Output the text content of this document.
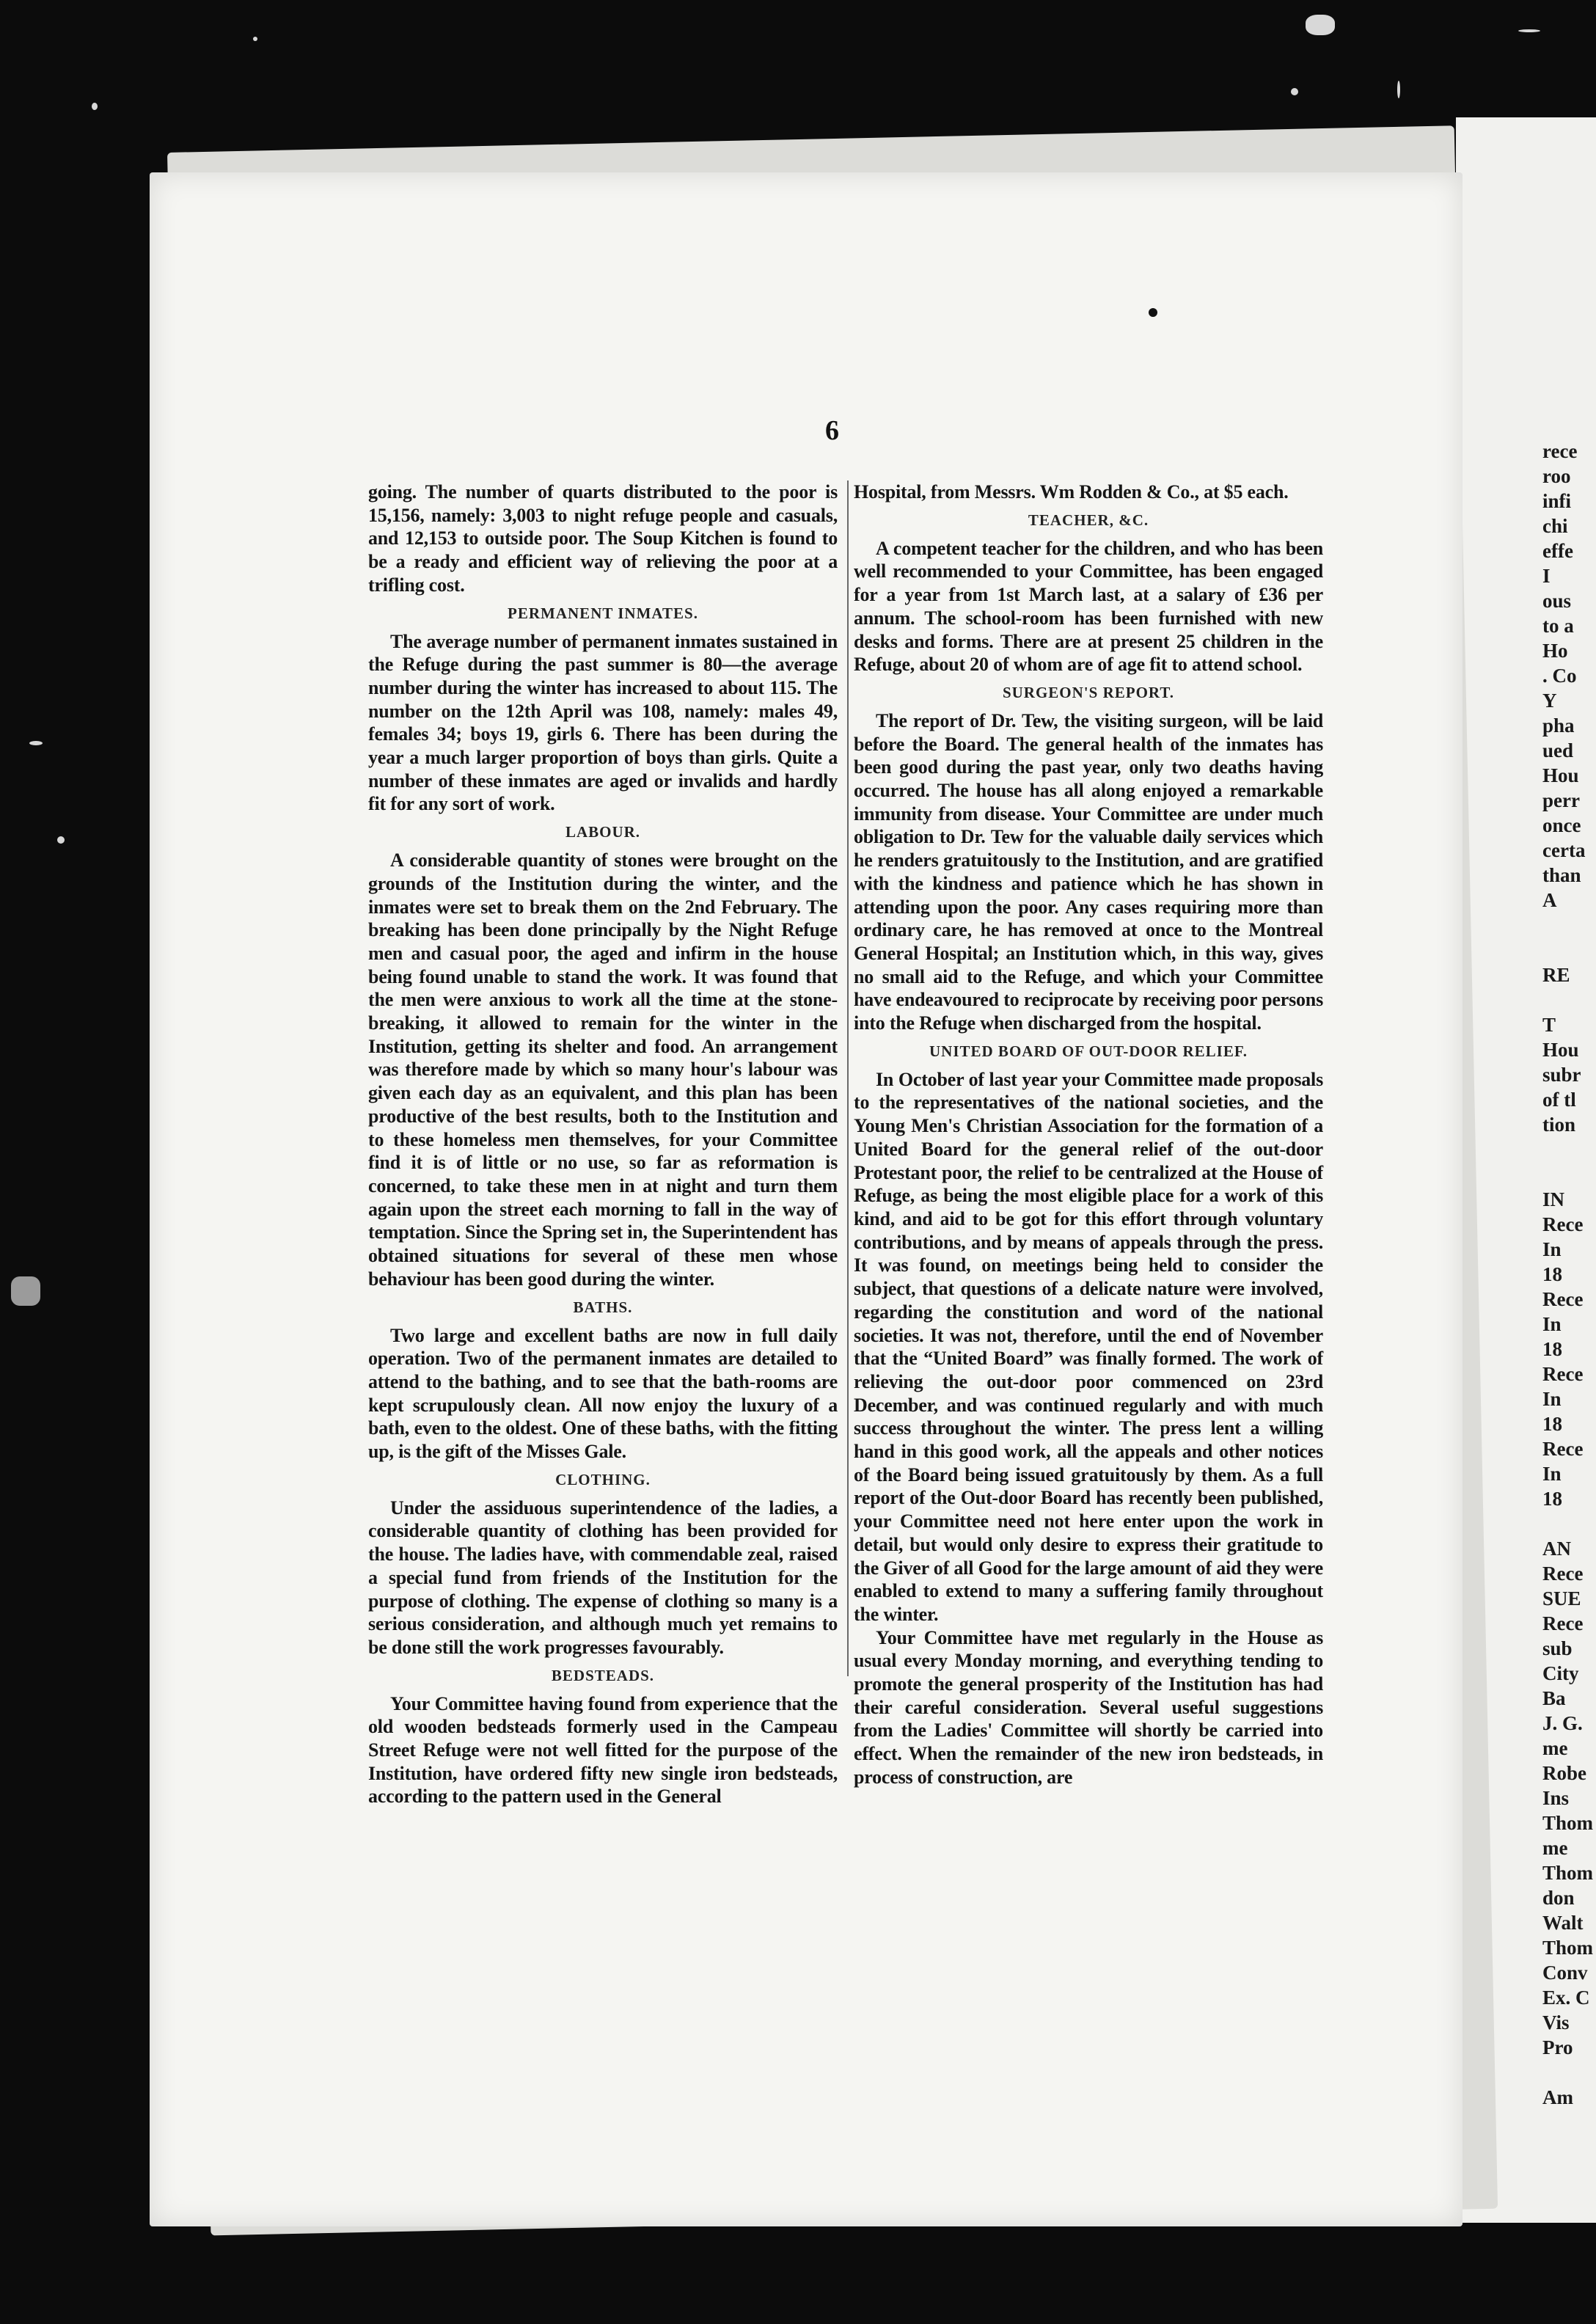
rece
roo
infi
chi
effe
I
ous
to a
Ho
. Co
Y
pha
ued
Hou
perr
once
certa
than
A
RE
T
Hou
subr
of tl
tion
IN
Rece
In
18
Rece
In
18
Rece
In
18
Rece
In
18
AN
Rece
SUE
Rece
sub
City
Ba
J. G.
me
Robe
Ins
Thom
me
Thom
don
Walt
Thom
Conv
Ex. C
Vis
Pro
Am
6

going. The number of quarts distributed to the poor is 15,156, namely: 3,003 to night refuge people and casuals, and 12,153 to outside poor. The Soup Kitchen is found to be a ready and efficient way of relieving the poor at a trifling cost.

PERMANENT INMATES.

The average number of permanent inmates sustained in the Refuge during the past summer is 80—the average number during the winter has increased to about 115. The number on the 12th April was 108, namely: males 49, females 34; boys 19, girls 6. There has been during the year a much larger proportion of boys than girls. Quite a number of these inmates are aged or invalids and hardly fit for any sort of work.

LABOUR.

A considerable quantity of stones were brought on the grounds of the Institution during the winter, and the inmates were set to break them on the 2nd February. The breaking has been done principally by the Night Refuge men and casual poor, the aged and infirm in the house being found unable to stand the work. It was found that the men were anxious to work all the time at the stone-breaking, it allowed to remain for the winter in the Institution, getting its shelter and food. An arrangement was therefore made by which so many hour's labour was given each day as an equivalent, and this plan has been productive of the best results, both to the Institution and to these homeless men themselves, for your Committee find it is of little or no use, so far as reformation is concerned, to take these men in at night and turn them again upon the street each morning to fall in the way of temptation. Since the Spring set in, the Superintendent has obtained situations for several of these men whose behaviour has been good during the winter.

BATHS.

Two large and excellent baths are now in full daily operation. Two of the permanent inmates are detailed to attend to the bathing, and to see that the bath-rooms are kept scrupulously clean. All now enjoy the luxury of a bath, even to the oldest. One of these baths, with the fitting up, is the gift of the Misses Gale.

CLOTHING.

Under the assiduous superintendence of the ladies, a considerable quantity of clothing has been provided for the house. The ladies have, with commendable zeal, raised a special fund from friends of the Institution for the purpose of clothing. The expense of clothing so many is a serious consideration, and although much yet remains to be done still the work progresses favourably.

BEDSTEADS.

Your Committee having found from experience that the old wooden bedsteads formerly used in the Campeau Street Refuge were not well fitted for the purpose of the Institution, have ordered fifty new single iron bedsteads, according to the pattern used in the General

Hospital, from Messrs. Wm Rodden & Co., at $5 each.

TEACHER, &C.

A competent teacher for the children, and who has been well recommended to your Committee, has been engaged for a year from 1st March last, at a salary of £36 per annum. The school-room has been furnished with new desks and forms. There are at present 25 children in the Refuge, about 20 of whom are of age fit to attend school.

SURGEON'S REPORT.

The report of Dr. Tew, the visiting surgeon, will be laid before the Board. The general health of the inmates has been good during the past year, only two deaths having occurred. The house has all along enjoyed a remarkable immunity from disease. Your Committee are under much obligation to Dr. Tew for the valuable daily services which he renders gratuitously to the Institution, and are gratified with the kindness and patience which he has shown in attending upon the poor. Any cases requiring more than ordinary care, he has removed at once to the Montreal General Hospital; an Institution which, in this way, gives no small aid to the Refuge, and which your Committee have endeavoured to reciprocate by receiving poor persons into the Refuge when discharged from the hospital.

UNITED BOARD OF OUT-DOOR RELIEF.

In October of last year your Committee made proposals to the representatives of the national societies, and the Young Men's Christian Association for the formation of a United Board for the general relief of the out-door Protestant poor, the relief to be centralized at the House of Refuge, as being the most eligible place for a work of this kind, and aid to be got for this effort through voluntary contributions, and by means of appeals through the press. It was found, on meetings being held to consider the subject, that questions of a delicate nature were involved, regarding the constitution and word of the national societies. It was not, therefore, until the end of November that the “United Board” was finally formed. The work of relieving the out-door poor commenced on 23rd December, and was continued regularly and with much success throughout the winter. The press lent a willing hand in this good work, all the appeals and other notices of the Board being issued gratuitously by them. As a full report of the Out-door Board has recently been published, your Committee need not here enter upon the work in detail, but would only desire to express their gratitude to the Giver of all Good for the large amount of aid they were enabled to extend to many a suffering family throughout the winter.

Your Committee have met regularly in the House as usual every Monday morning, and everything tending to promote the general prosperity of the Institution has had their careful consideration. Several useful suggestions from the Ladies' Committee will shortly be carried into effect. When the remainder of the new iron bedsteads, in process of construction, are
